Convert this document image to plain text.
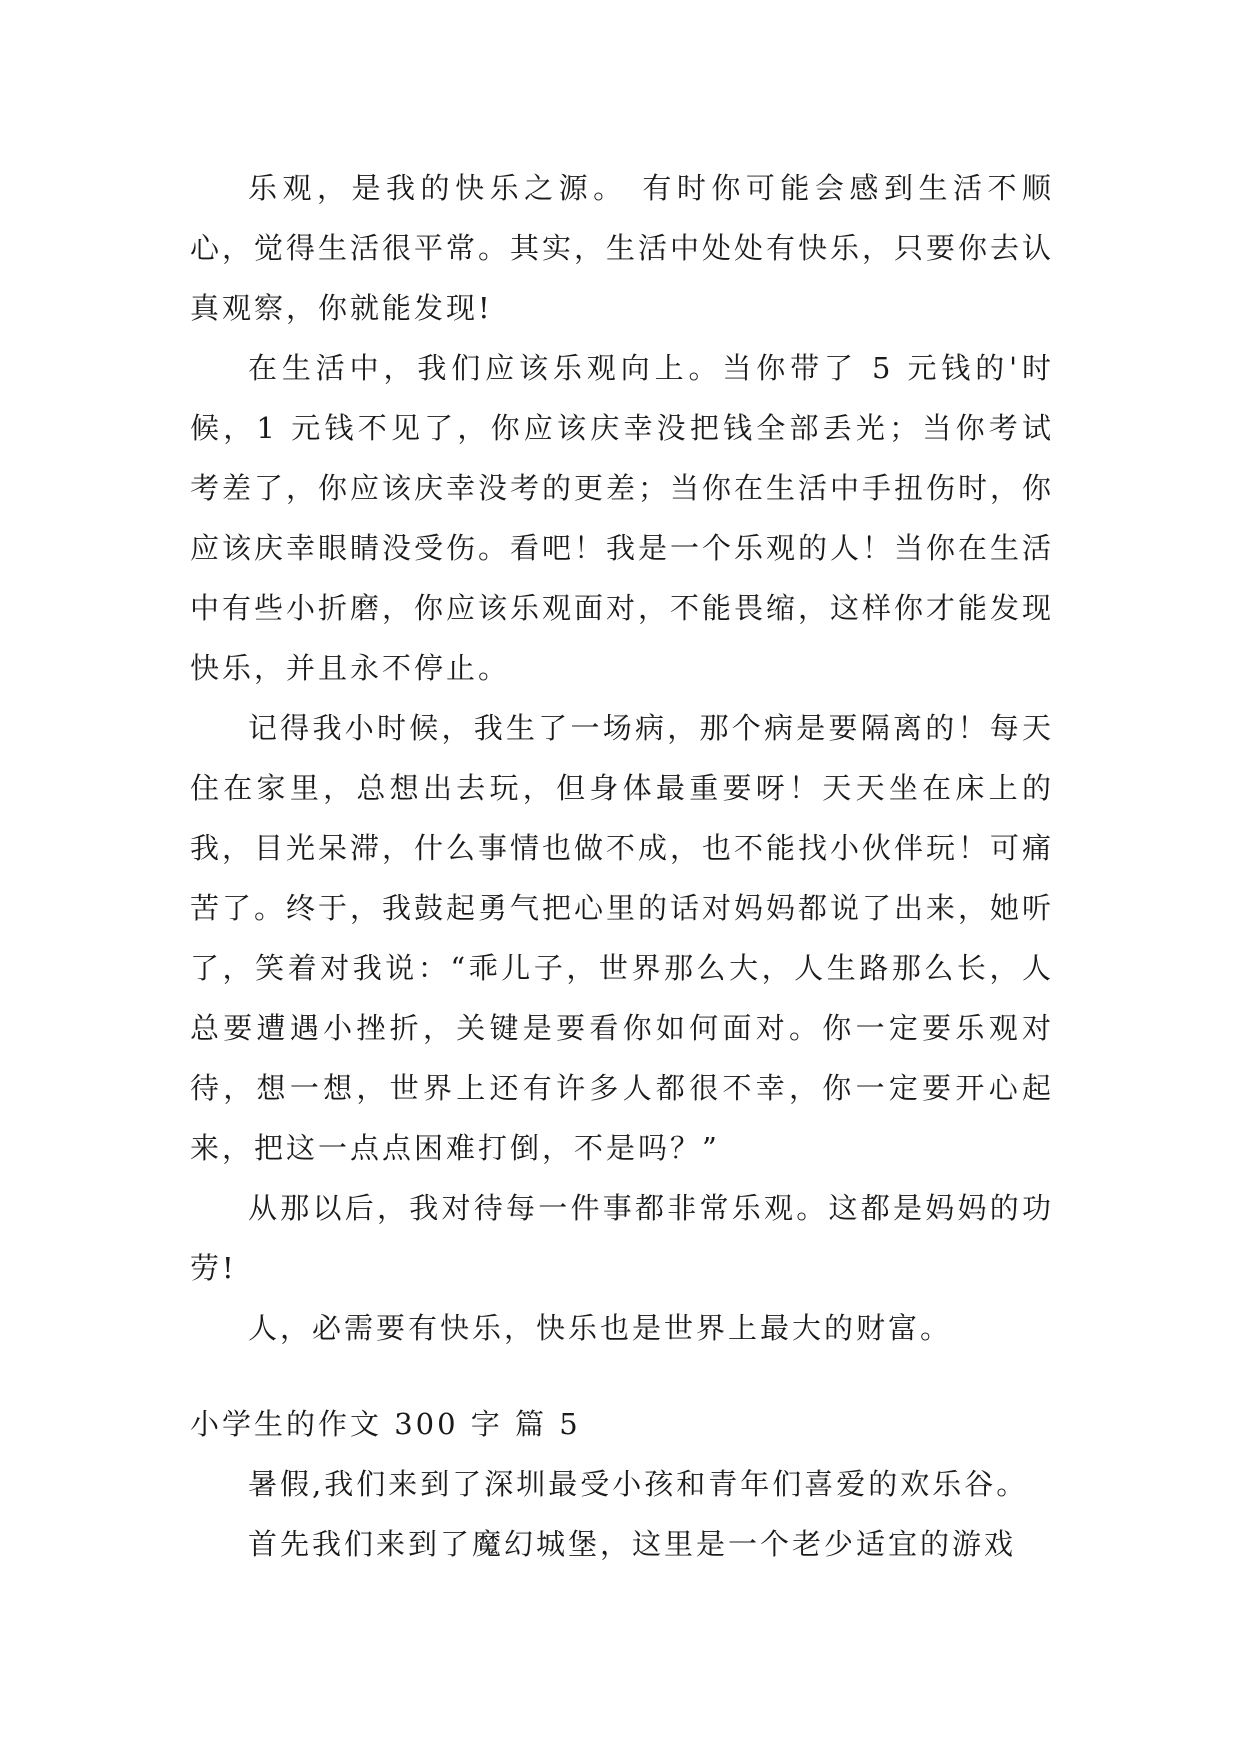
乐观，是我的快乐之源。 有时你可能会感到生活不顺心，觉得生活很平常。其实，生活中处处有快乐，只要你去认真观察，你就能发现!

在生活中，我们应该乐观向上。当你带了 5 元钱的'时候，1 元钱不见了，你应该庆幸没把钱全部丢光；当你考试考差了，你应该庆幸没考的更差；当你在生活中手扭伤时，你应该庆幸眼睛没受伤。看吧！我是一个乐观的人！当你在生活中有些小折磨，你应该乐观面对，不能畏缩，这样你才能发现快乐，并且永不停止。

记得我小时候，我生了一场病，那个病是要隔离的！每天住在家里，总想出去玩，但身体最重要呀！天天坐在床上的我，目光呆滞，什么事情也做不成，也不能找小伙伴玩！可痛苦了。终于，我鼓起勇气把心里的话对妈妈都说了出来，她听了，笑着对我说：“乖儿子，世界那么大，人生路那么长，人总要遭遇小挫折，关键是要看你如何面对。你一定要乐观对待，想一想，世界上还有许多人都很不幸，你一定要开心起来，把这一点点困难打倒，不是吗？”

从那以后，我对待每一件事都非常乐观。这都是妈妈的功劳!

人，必需要有快乐，快乐也是世界上最大的财富。

小学生的作文 300 字 篇 5

暑假,我们来到了深圳最受小孩和青年们喜爱的欢乐谷。

首先我们来到了魔幻城堡，这里是一个老少适宜的游戏
